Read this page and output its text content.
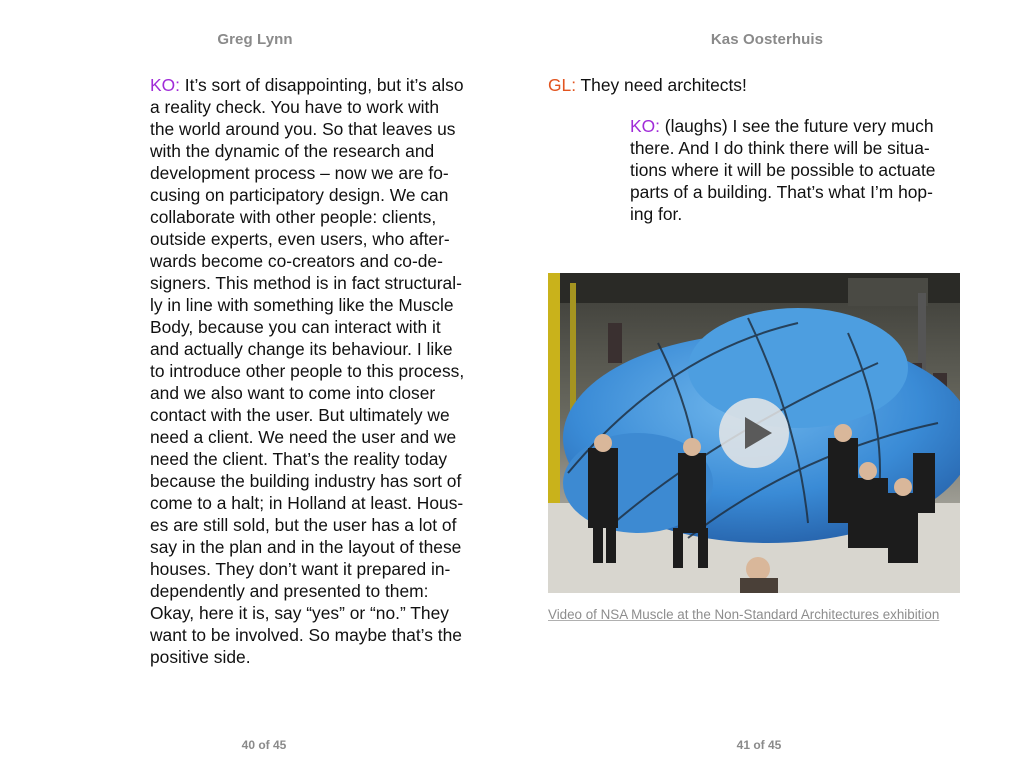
Greg Lynn
KO: It’s sort of disappointing, but it’s also
a reality check. You have to work with
the world around you. So that leaves us
with the dynamic of the research and
development process – now we are fo-
cusing on participatory design. We can
collaborate with other people: clients,
outside experts, even users, who after-
wards become co-creators and co-de-
signers. This method is in fact structural-
ly in line with something like the Muscle
Body, because you can interact with it
and actually change its behaviour. I like
to introduce other people to this process,
and we also want to come into closer
contact with the user. But ultimately we
need a client. We need the user and we
need the client. That’s the reality today
because the building industry has sort of
come to a halt; in Holland at least. Hous-
es are still sold, but the user has a lot of
say in the plan and in the layout of these
houses. They don’t want it prepared in-
dependently and presented to them:
Okay, here it is, say “yes” or “no.” They
want to be involved. So maybe that’s the
positive side.
40 of 45
Kas Oosterhuis
GL: They need architects!
KO: (laughs) I see the future very much
there. And I do think there will be situa-
tions where it will be possible to actuate
parts of a building. That’s what I’m hop-
ing for.
Video of NSA Muscle at the Non-Standard Architectures exhibition
41 of 45
